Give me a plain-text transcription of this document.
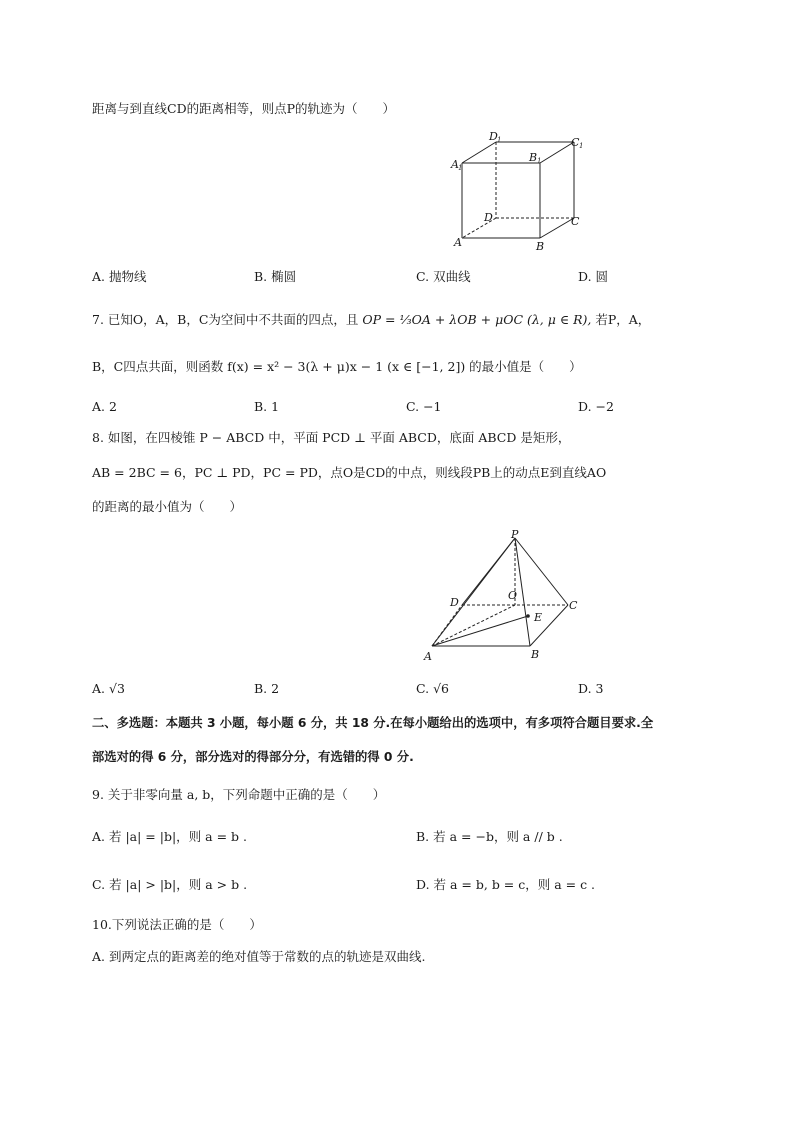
距离与到直线CD的距离相等，则点P的轨迹为（　　）
D 1	C 1
A 1
B 1
D	C
A	B
A. 抛物线	B. 椭圆	C. 双曲线	D. 圆
7. 已知O，A，B，C为空间中不共面的四点，且 OP = ⅓OA + λOB + μOC (λ, μ ∈ R), 若P，A，
B，C四点共面，则函数 f(x) = x² − 3(λ + μ)x − 1 (x ∈ [−1, 2]) 的最小值是（　　）
A. 2	B. 1	C. −1	D. −2
8. 如图，在四棱锥 P − ABCD 中，平面 PCD ⊥ 平面 ABCD，底面 ABCD 是矩形，
AB = 2BC = 6，PC ⊥ PD，PC = PD，点O是CD的中点，则线段PB上的动点E到直线AO
的距离的最小值为（　　）
P
O
D	C
E
A	B
A. √3	B. 2	C. √6	D. 3
二、多选题：本题共 3 小题，每小题 6 分，共 18 分.在每小题给出的选项中，有多项符合题目要求.全
部选对的得 6 分，部分选对的得部分分，有选错的得 0 分.
9. 关于非零向量 a, b，下列命题中正确的是（　　）
A. 若 |a| = |b|，则 a = b .	B. 若 a = −b，则 a // b .
C. 若 |a| > |b|，则 a > b .	D. 若 a = b, b = c，则 a = c .
10.下列说法正确的是（　　）
A. 到两定点的距离差的绝对值等于常数的点的轨迹是双曲线.
